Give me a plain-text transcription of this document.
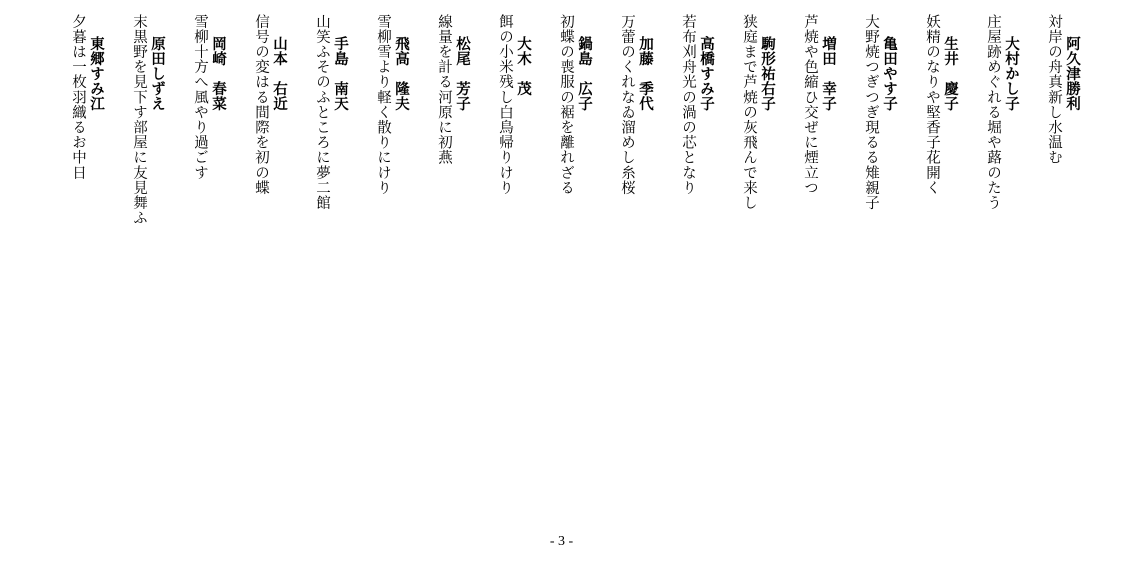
阿久津勝利
対岸の舟真新し水温む
大村かし子
庄屋跡めぐれる堀や蕗のたう
生井　慶子
妖精のなりや堅香子花開く
亀田やす子
大野焼つぎつぎ現るる雉親子
増田　幸子
芦焼や色縮ひ交ぜに煙立つ
駒形祐右子
狭庭まで芦焼の灰飛んで来し
高橋すみ子
若布刈舟光の渦の芯となり
加藤　季代
万蕾のくれなゐ溜めし糸桜
鍋島　広子
初蝶の喪服の裾を離れざる
大木　茂
餌の小米残し白鳥帰りけり
松尾　芳子
線量を計る河原に初燕
飛高　隆夫
雪柳雪より軽く散りにけり
手島　南天
山笑ふそのふところに夢二館
山本　右近
信号の変はる間際を初の蝶
岡崎　春菜
雪柳十方へ風やり過ごす
原田しずえ
末黒野を見下す部屋に友見舞ふ
東郷すみ江
夕暮は一枚羽織るお中日
- 3 -
